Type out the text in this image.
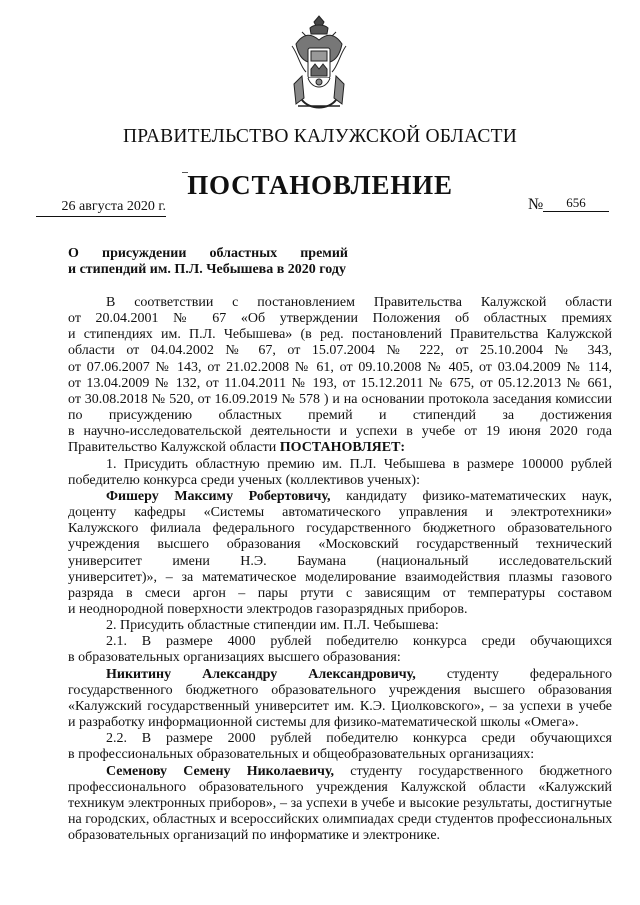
ПРАВИТЕЛЬСТВО КАЛУЖСКОЙ ОБЛАСТИ
ПОСТАНОВЛЕНИЕ
26 августа 2020 г.	№	656
О присуждении областных премий
и стипендий им. П.Л. Чебышева в 2020 году
В соответствии с постановлением Правительства Калужской области
от 20.04.2001 № 67 «Об утверждении Положения об областных премиях
и стипендиях им. П.Л. Чебышева» (в ред. постановлений Правительства Калужской
области от 04.04.2002 № 67, от 15.07.2004 № 222, от 25.10.2004 № 343,
от 07.06.2007 № 143, от 21.02.2008 № 61, от 09.10.2008 № 405, от 03.04.2009 № 114,
от 13.04.2009 № 132, от 11.04.2011 № 193, от 15.12.2011 № 675, от 05.12.2013 № 661,
от 30.08.2018 № 520, от 16.09.2019 № 578 ) и на основании протокола заседания комиссии
по присуждению областных премий и стипендий за достижения
в научно-исследовательской деятельности и успехи в учебе от 19 июня 2020 года
Правительство Калужской области ПОСТАНОВЛЯЕТ:
1. Присудить областную премию им. П.Л. Чебышева в размере 100000 рублей
победителю конкурса среди ученых (коллективов ученых):
Фишеру Максиму Робертовичу, кандидату физико-математических наук,
доценту кафедры «Системы автоматического управления и электротехники»
Калужского филиала федерального государственного бюджетного образовательного
учреждения высшего образования «Московский государственный технический
университет имени Н.Э. Баумана (национальный исследовательский
университет)», – за математическое моделирование взаимодействия плазмы газового
разряда в смеси аргон – пары ртути с зависящим от температуры составом
и неоднородной поверхности электродов газоразрядных приборов.
2. Присудить областные стипендии им. П.Л. Чебышева:
2.1. В размере 4000 рублей победителю конкурса среди обучающихся
в образовательных организациях высшего образования:
Никитину Александру Александровичу, студенту федерального
государственного бюджетного образовательного учреждения высшего образования
«Калужский государственный университет им. К.Э. Циолковского», – за успехи в учебе
и разработку информационной системы для физико-математической школы «Омега».
2.2. В размере 2000 рублей победителю конкурса среди обучающихся
в профессиональных образовательных и общеобразовательных организациях:
Семенову Семену Николаевичу, студенту государственного бюджетного
профессионального образовательного учреждения Калужской области «Калужский
техникум электронных приборов», – за успехи в учебе и высокие результаты, достигнутые
на городских, областных и всероссийских олимпиадах среди студентов профессиональных
образовательных организаций по информатике и электронике.
